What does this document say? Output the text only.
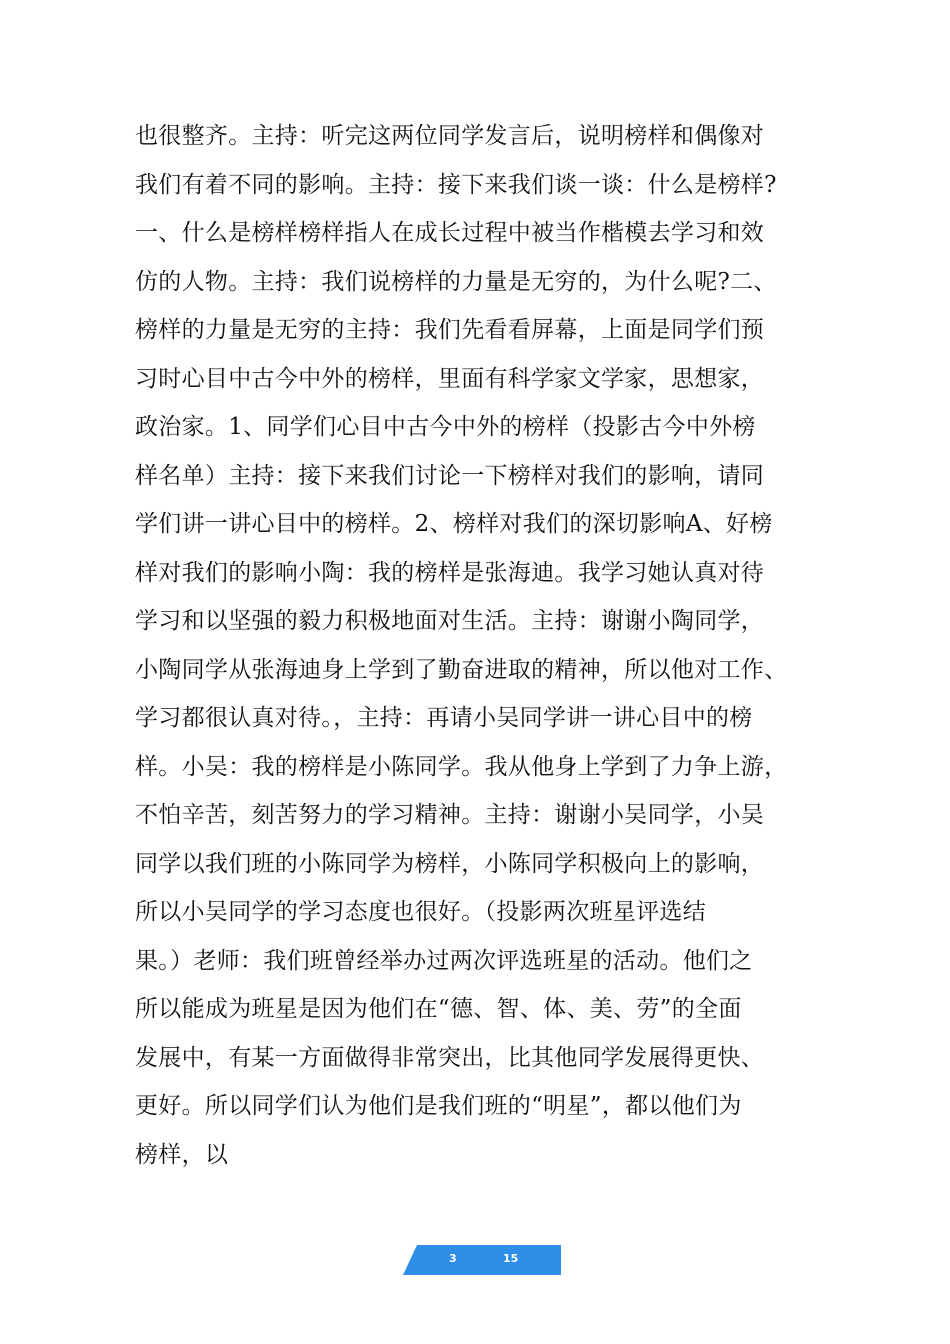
也很整齐。主持：听完这两位同学发言后，说明榜样和偶像对
我们有着不同的影响。主持：接下来我们谈一谈：什么是榜样?
一、什么是榜样榜样指人在成长过程中被当作楷模去学习和效
仿的人物。主持：我们说榜样的力量是无穷的，为什么呢?二、
榜样的力量是无穷的主持：我们先看看屏幕，上面是同学们预
习时心目中古今中外的榜样，里面有科学家文学家，思想家，
政治家。1、同学们心目中古今中外的榜样（投影古今中外榜
样名单）主持：接下来我们讨论一下榜样对我们的影响，请同
学们讲一讲心目中的榜样。2、榜样对我们的深切影响A、好榜
样对我们的影响小陶：我的榜样是张海迪。我学习她认真对待
学习和以坚强的毅力积极地面对生活。主持：谢谢小陶同学，
小陶同学从张海迪身上学到了勤奋进取的精神，所以他对工作、
学习都很认真对待。，主持：再请小吴同学讲一讲心目中的榜
样。小吴：我的榜样是小陈同学。我从他身上学到了力争上游，
不怕辛苦，刻苦努力的学习精神。主持：谢谢小吴同学，小吴
同学以我们班的小陈同学为榜样，小陈同学积极向上的影响，
所以小吴同学的学习态度也很好。（投影两次班星评选结
果。）老师：我们班曾经举办过两次评选班星的活动。他们之
所以能成为班星是因为他们在“德、智、体、美、劳”的全面
发展中，有某一方面做得非常突出，比其他同学发展得更快、
更好。所以同学们认为他们是我们班的“明星”，都以他们为
榜样，以
3	15
